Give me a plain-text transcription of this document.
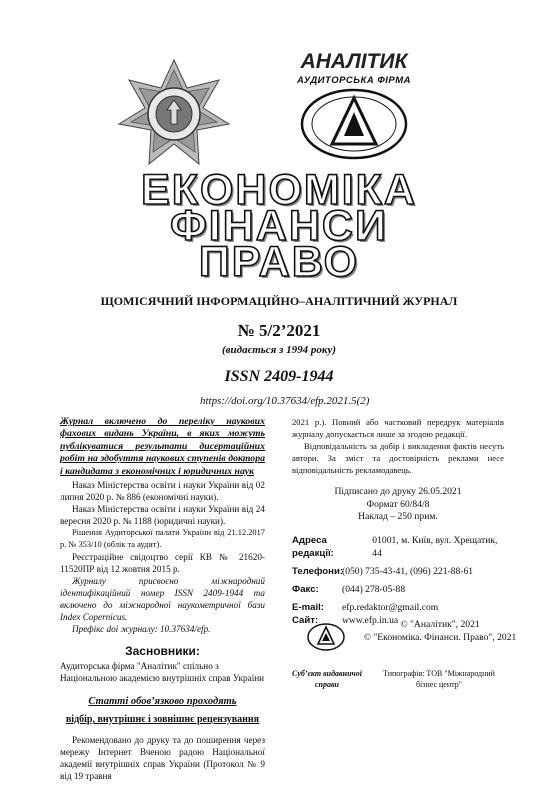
АНАЛІТИК
АУДИТОРСЬКА ФІРМА
ЕКОНОМІКА
ФІНАНСИ
ПРАВО
ЩОМІСЯЧНИЙ ІНФОРМАЦІЙНО–АНАЛІТИЧНИЙ ЖУРНАЛ
№ 5/2’2021
(видається з 1994 року)
ISSN 2409-1944
https://doi.org/10.37634/efp.2021.5(2)
Журнал включено до переліку наукових фахових видань України, в яких можуть публікуватися результати дисертаційних робіт на здобуття наукових ступенів доктора і кандидата з економічних і юридичних наук
Наказ Міністерства освіти і науки України від 02 липня 2020 р. № 886 (економічні науки).
Наказ Міністерства освіти і науки України від 24 вересня 2020 р. № 1188 (юридичні науки).
Рішення Аудиторської палати України від 21.12.2017 р. № 353/10 (облік та аудит).
Реєстраційне свідоцтво серії КВ № 21620-11520ПР від 12 жовтня 2015 р.
Журналу присвоєно міжнародний ідентифікаційний номер ISSN 2409-1944 та включено до міжнародної наукометричної бази Index Copernicus.
Префікс doi журналу: 10.37634/efp.
Засновники:
Аудиторська фірма "Аналітик" спільно з Національною академією внутрішніх справ України
Статті обов’язково проходять
відбір, внутрішнє і зовнішнє рецензування
Рекомендовано до друку та до поширення через мережу Інтернет Вченою радою Національної академії внутрішніх справ України (Протокол № 9 від 19 травня
2021 р.). Повний або частковий передрук матеріалів журналу допускається лише за згодою редакції.
Відповідальність за добір і викладення фактів несуть автори. За зміст та достовірність реклами несе відповідальність рекламодавець.
Підписано до друку 26.05.2021
Формат 60/84/8
Наклад – 250 прим.
Адреса редакції:
01001, м. Київ, вул. Хрещатик, 44
Телефони:
(050) 735-43-41, (096) 221-88-61
Факс:	(044) 278-05-88
E-mail:	efp.redaktor@gmail.com
Сайт:	www.efp.in.ua © "Аналітик", 2021
© "Економіка. Фінанси. Право", 2021
Суб’єкт видавничої справи
Типографія: ТОВ "Міжнародний бізнес центр"
